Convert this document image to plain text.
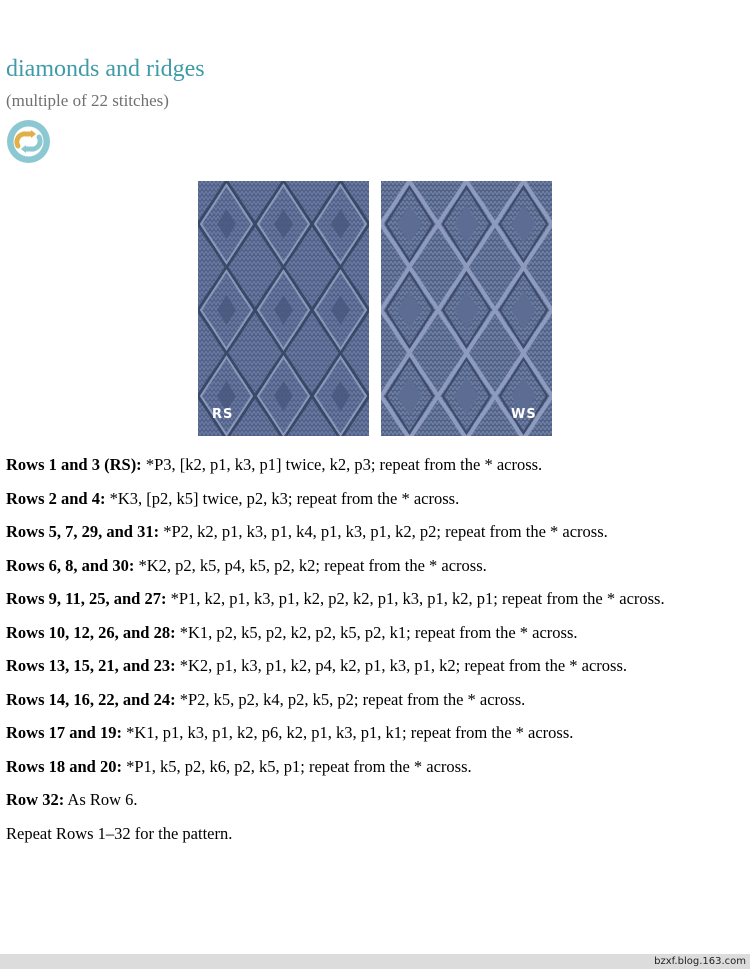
diamonds and ridges

(multiple of 22 stitches)

RS	WS
Rows 1 and 3 (RS): *P3, [k2, p1, k3, p1] twice, k2, p3; repeat from the * across.
Rows 2 and 4: *K3, [p2, k5] twice, p2, k3; repeat from the * across.
Rows 5, 7, 29, and 31: *P2, k2, p1, k3, p1, k4, p1, k3, p1, k2, p2; repeat from the * across.
Rows 6, 8, and 30: *K2, p2, k5, p4, k5, p2, k2; repeat from the * across.
Rows 9, 11, 25, and 27: *P1, k2, p1, k3, p1, k2, p2, k2, p1, k3, p1, k2, p1; repeat from the * across.
Rows 10, 12, 26, and 28: *K1, p2, k5, p2, k2, p2, k5, p2, k1; repeat from the * across.
Rows 13, 15, 21, and 23: *K2, p1, k3, p1, k2, p4, k2, p1, k3, p1, k2; repeat from the * across.
Rows 14, 16, 22, and 24: *P2, k5, p2, k4, p2, k5, p2; repeat from the * across.
Rows 17 and 19: *K1, p1, k3, p1, k2, p6, k2, p1, k3, p1, k1; repeat from the * across.
Rows 18 and 20: *P1, k5, p2, k6, p2, k5, p1; repeat from the * across.
Row 32: As Row 6.
Repeat Rows 1–32 for the pattern.
bzxf.blog.163.com
